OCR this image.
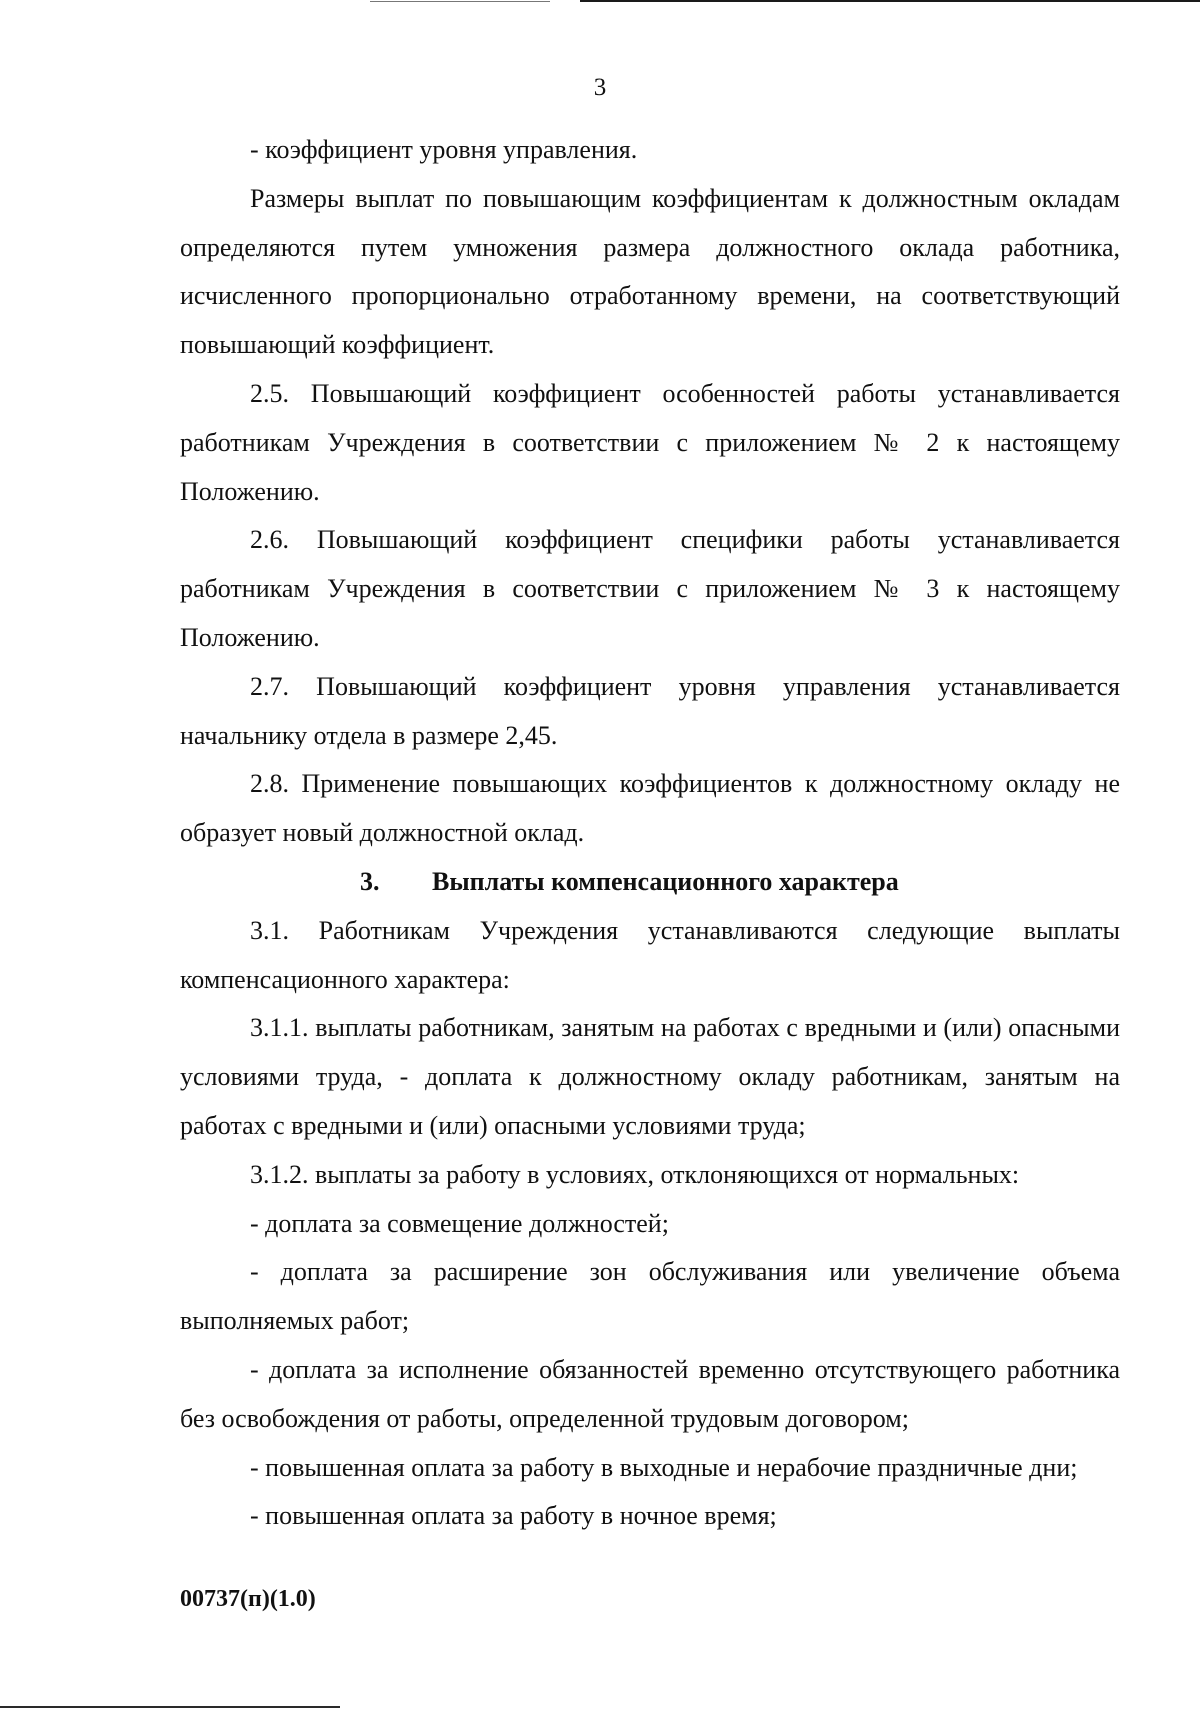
3

- коэффициент уровня управления.

Размеры выплат по повышающим коэффициентам к должностным окладам определяются путем умножения размера должностного оклада работника, исчисленного пропорционально отработанному времени, на соответствующий повышающий коэффициент.

2.5. Повышающий коэффициент особенностей работы устанавливается работникам Учреждения в соответствии с приложением № 2 к настоящему Положению.

2.6. Повышающий коэффициент специфики работы устанавливается работникам Учреждения в соответствии с приложением № 3 к настоящему Положению.

2.7. Повышающий коэффициент уровня управления устанавливается начальнику отдела в размере 2,45.

2.8. Применение повышающих коэффициентов к должностному окладу не образует новый должностной оклад.

3. Выплаты компенсационного характера

3.1. Работникам Учреждения устанавливаются следующие выплаты компенсационного характера:

3.1.1. выплаты работникам, занятым на работах с вредными и (или) опасными условиями труда, - доплата к должностному окладу работникам, занятым на работах с вредными и (или) опасными условиями труда;

3.1.2. выплаты за работу в условиях, отклоняющихся от нормальных:

- доплата за совмещение должностей;

- доплата за расширение зон обслуживания или увеличение объема выполняемых работ;

- доплата за исполнение обязанностей временно отсутствующего работника без освобождения от работы, определенной трудовым договором;

- повышенная оплата за работу в выходные и нерабочие праздничные дни;

- повышенная оплата за работу в ночное время;

00737(п)(1.0)
